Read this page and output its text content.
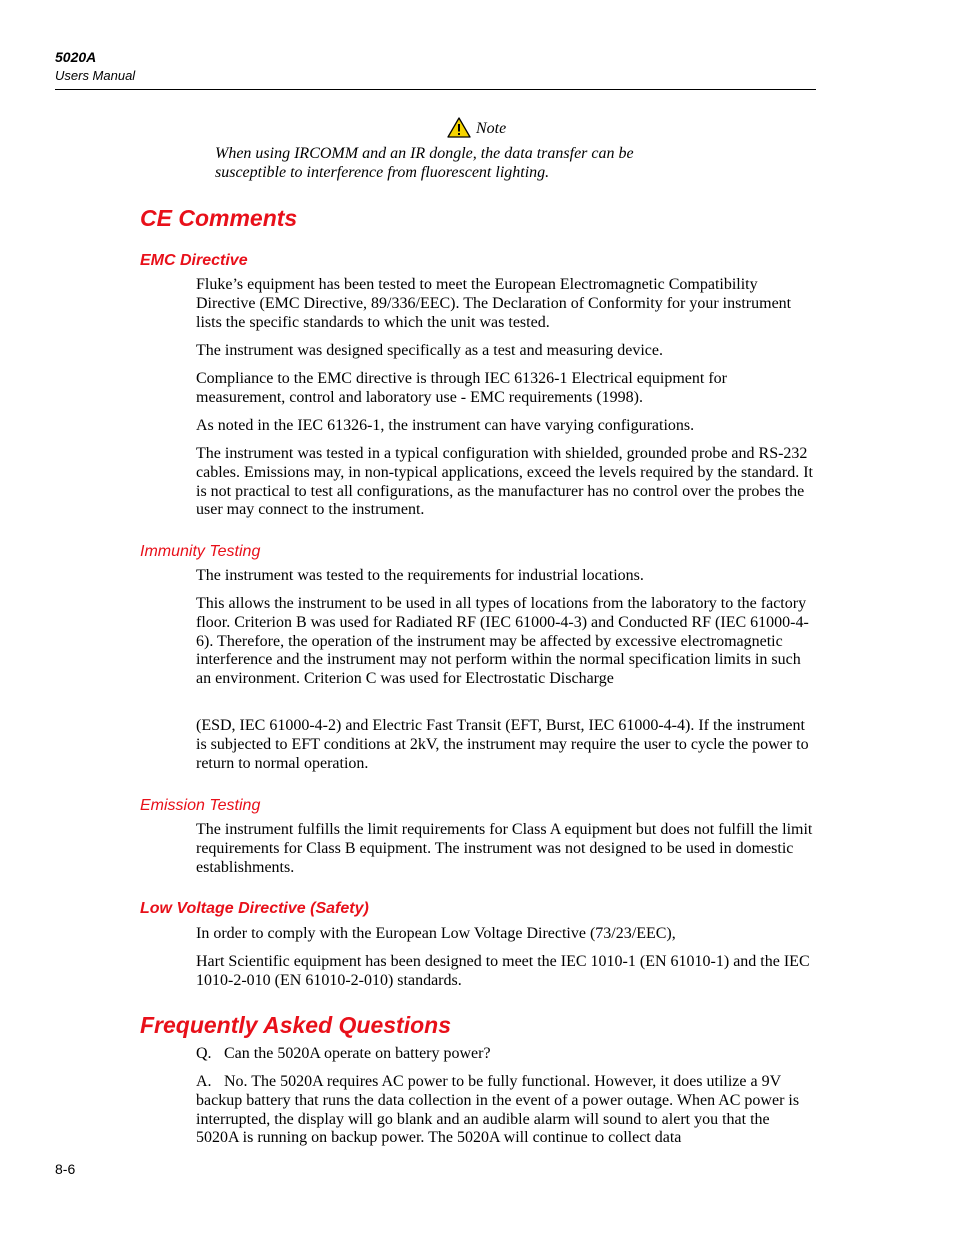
5020A
Users Manual
Note
When using IRCOMM and an IR dongle, the data transfer can be susceptible to interference from fluorescent lighting.
CE Comments
EMC Directive

Fluke’s equipment has been tested to meet the European Electromagnetic Compatibility Directive (EMC Directive, 89/336/EEC). The Declaration of Conformity for your instrument lists the specific standards to which the unit was tested.

The instrument was designed specifically as a test and measuring device.

Compliance to the EMC directive is through IEC 61326-1 Electrical equipment for measurement, control and laboratory use - EMC requirements (1998).

As noted in the IEC 61326-1, the instrument can have varying configurations.

The instrument was tested in a typical configuration with shielded, grounded probe and RS-232 cables. Emissions may, in non-typical applications, exceed the levels required by the standard. It is not practical to test all configurations, as the manufacturer has no control over the probes the user may connect to the instrument.

Immunity Testing

The instrument was tested to the requirements for industrial locations.

This allows the instrument to be used in all types of locations from the laboratory to the factory floor. Criterion B was used for Radiated RF (IEC 61000-4-3) and Conducted RF (IEC 61000-4-6). Therefore, the operation of the instrument may be affected by excessive electromagnetic interference and the instrument may not perform within the normal specification limits in such an environment. Criterion C was used for Electrostatic Discharge

(ESD, IEC 61000-4-2) and Electric Fast Transit (EFT, Burst, IEC 61000-4-4). If the instrument is subjected to EFT conditions at 2kV, the instrument may require the user to cycle the power to return to normal operation.

Emission Testing

The instrument fulfills the limit requirements for Class A equipment but does not fulfill the limit requirements for Class B equipment. The instrument was not designed to be used in domestic establishments.

Low Voltage Directive (Safety)

In order to comply with the European Low Voltage Directive (73/23/EEC),

Hart Scientific equipment has been designed to meet the IEC 1010-1 (EN 61010-1) and the IEC 1010-2-010 (EN 61010-2-010) standards.

Frequently Asked Questions

Q. Can the 5020A operate on battery power?

A. No. The 5020A requires AC power to be fully functional. However, it does utilize a 9V backup battery that runs the data collection in the event of a power outage. When AC power is interrupted, the display will go blank and an audible alarm will sound to alert you that the 5020A is running on backup power. The 5020A will continue to collect data

8-6
